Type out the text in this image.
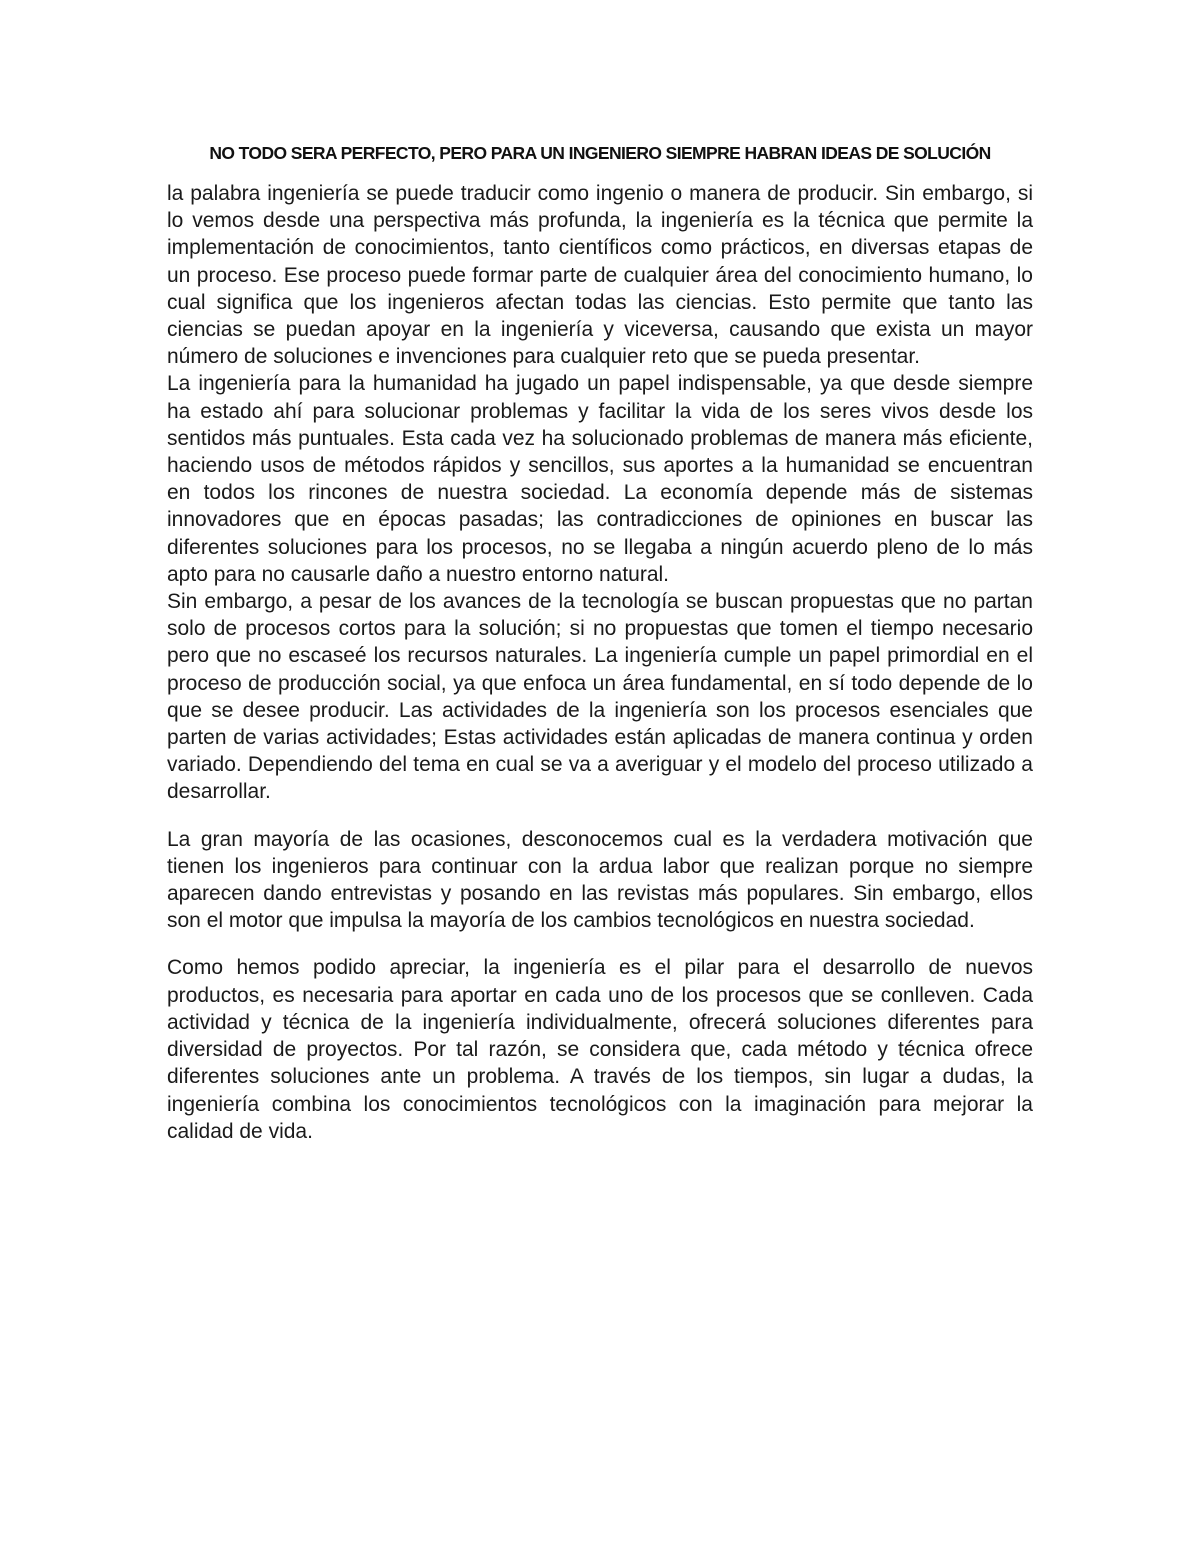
NO TODO SERA PERFECTO, PERO PARA UN INGENIERO SIEMPRE HABRAN IDEAS DE SOLUCIÓN

la palabra ingeniería se puede traducir como ingenio o manera de producir. Sin embargo, si lo vemos desde una perspectiva más profunda, la ingeniería es la técnica que permite la implementación de conocimientos, tanto científicos como prácticos, en diversas etapas de un proceso. Ese proceso puede formar parte de cualquier área del conocimiento humano, lo cual significa que los ingenieros afectan todas las ciencias. Esto permite que tanto las ciencias se puedan apoyar en la ingeniería y viceversa, causando que exista un mayor número de soluciones e invenciones para cualquier reto que se pueda presentar.

La ingeniería para la humanidad ha jugado un papel indispensable, ya que desde siempre ha estado ahí para solucionar problemas y facilitar la vida de los seres vivos desde los sentidos más puntuales. Esta cada vez ha solucionado problemas de manera más eficiente, haciendo usos de métodos rápidos y sencillos, sus aportes a la humanidad se encuentran en todos los rincones de nuestra sociedad. La economía depende más de sistemas innovadores que en épocas pasadas; las contradicciones de opiniones en buscar las diferentes soluciones para los procesos, no se llegaba a ningún acuerdo pleno de lo más apto para no causarle daño a nuestro entorno natural.

Sin embargo, a pesar de los avances de la tecnología se buscan propuestas que no partan solo de procesos cortos para la solución; si no propuestas que tomen el tiempo necesario pero que no escaseé los recursos naturales. La ingeniería cumple un papel primordial en el proceso de producción social, ya que enfoca un área fundamental, en sí todo depende de lo que se desee producir. Las actividades de la ingeniería son los procesos esenciales que parten de varias actividades; Estas actividades están aplicadas de manera continua y orden variado. Dependiendo del tema en cual se va a averiguar y el modelo del proceso utilizado a desarrollar.

La gran mayoría de las ocasiones, desconocemos cual es la verdadera motivación que tienen los ingenieros para continuar con la ardua labor que realizan porque no siempre aparecen dando entrevistas y posando en las revistas más populares. Sin embargo, ellos son el motor que impulsa la mayoría de los cambios tecnológicos en nuestra sociedad.

Como hemos podido apreciar, la ingeniería es el pilar para el desarrollo de nuevos productos, es necesaria para aportar en cada uno de los procesos que se conlleven. Cada actividad y técnica de la ingeniería individualmente, ofrecerá soluciones diferentes para diversidad de proyectos. Por tal razón, se considera que, cada método y técnica ofrece diferentes soluciones ante un problema. A través de los tiempos, sin lugar a dudas, la ingeniería combina los conocimientos tecnológicos con la imaginación para mejorar la calidad de vida.
